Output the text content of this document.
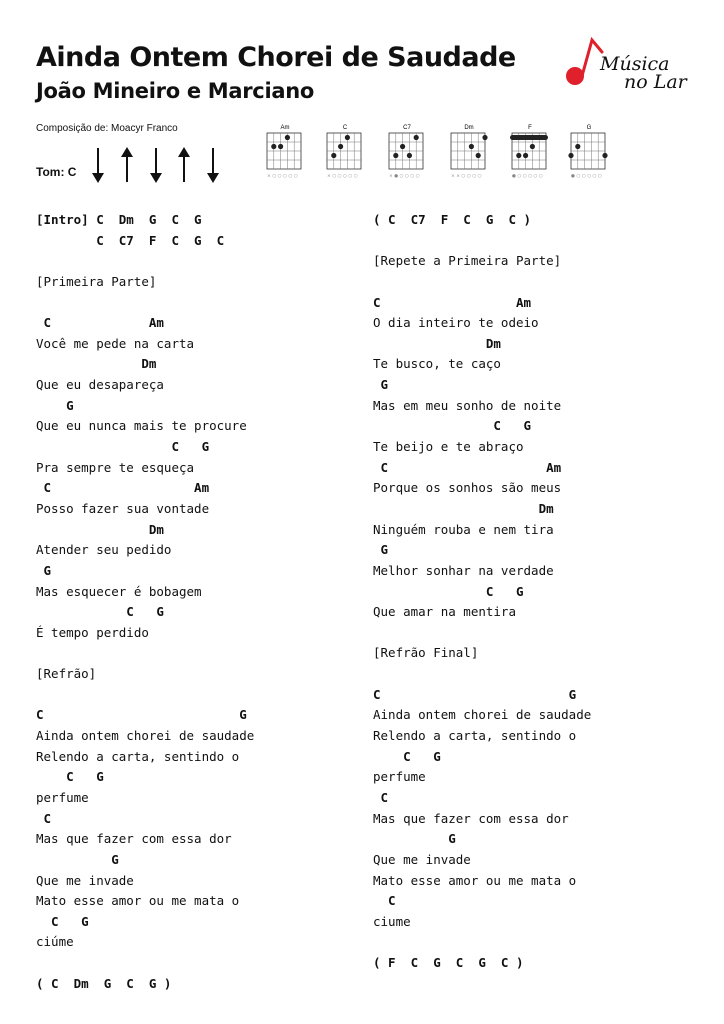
Ainda Ontem Chorei de Saudade
João Mineiro e Marciano
Composição de: Moacyr Franco
Tom: C
Música
no Lar
Am
× ○ ○ ○ ○ ○
C
× ○ ○ ○ ○ ○
C7
× ● ○ ○ ○ ○
Dm
× × ○ ○ ○ ○
F
● ○ ○ ○ ○ ○
G
● ○ ○ ○ ○ ○
[Intro] C  Dm  G  C  G
C  C7  F  C  G  C
[Primeira Parte]
C             Am
Você me pede na carta
Dm
Que eu desapareça
G
Que eu nunca mais te procure
C   G
Pra sempre te esqueça
C                   Am
Posso fazer sua vontade
Dm
Atender seu pedido
G
Mas esquecer é bobagem
C   G
É tempo perdido
[Refrão]
C                          G
Ainda ontem chorei de saudade
Relendo a carta, sentindo o
C   G
perfume
C
Mas que fazer com essa dor
G
Que me invade
Mato esse amor ou me mata o
C   G
ciúme
( C  Dm  G  C  G )
( C  C7  F  C  G  C )
[Repete a Primeira Parte]
C                  Am
O dia inteiro te odeio
Dm
Te busco, te caço
G
Mas em meu sonho de noite
C   G
Te beijo e te abraço
C                     Am
Porque os sonhos são meus
Dm
Ninguém rouba e nem tira
G
Melhor sonhar na verdade
C   G
Que amar na mentira
[Refrão Final]
C                         G
Ainda ontem chorei de saudade
Relendo a carta, sentindo o
C   G
perfume
C
Mas que fazer com essa dor
G
Que me invade
Mato esse amor ou me mata o
C
ciume
( F  C  G  C  G  C )
